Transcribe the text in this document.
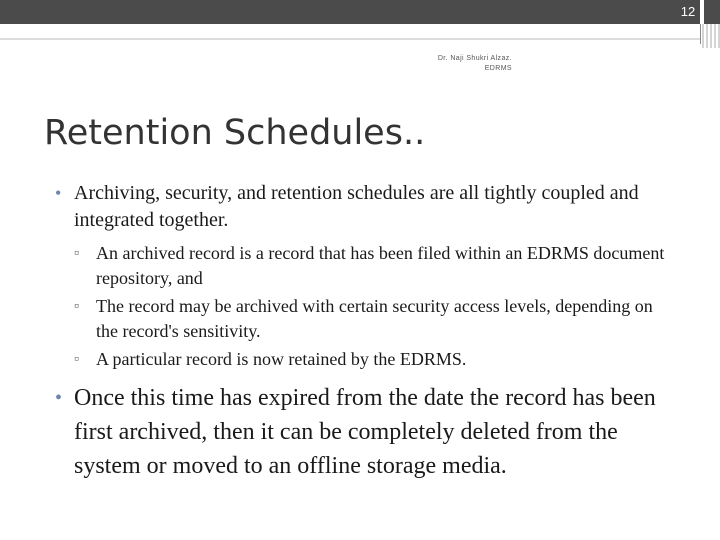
12
Dr. Naji Shukri Alzaz.
EDRMS
Retention Schedules..
• Archiving, security, and retention schedules are all tightly coupled and integrated together.
▫ An archived record is a record that has been filed within an EDRMS document repository, and
▫ The record may be archived with certain security access levels, depending on the record's sensitivity.
▫ A particular record is now retained by the EDRMS.
• Once this time has expired from the date the record has been first archived, then it can be completely deleted from the system or moved to an offline storage media.
